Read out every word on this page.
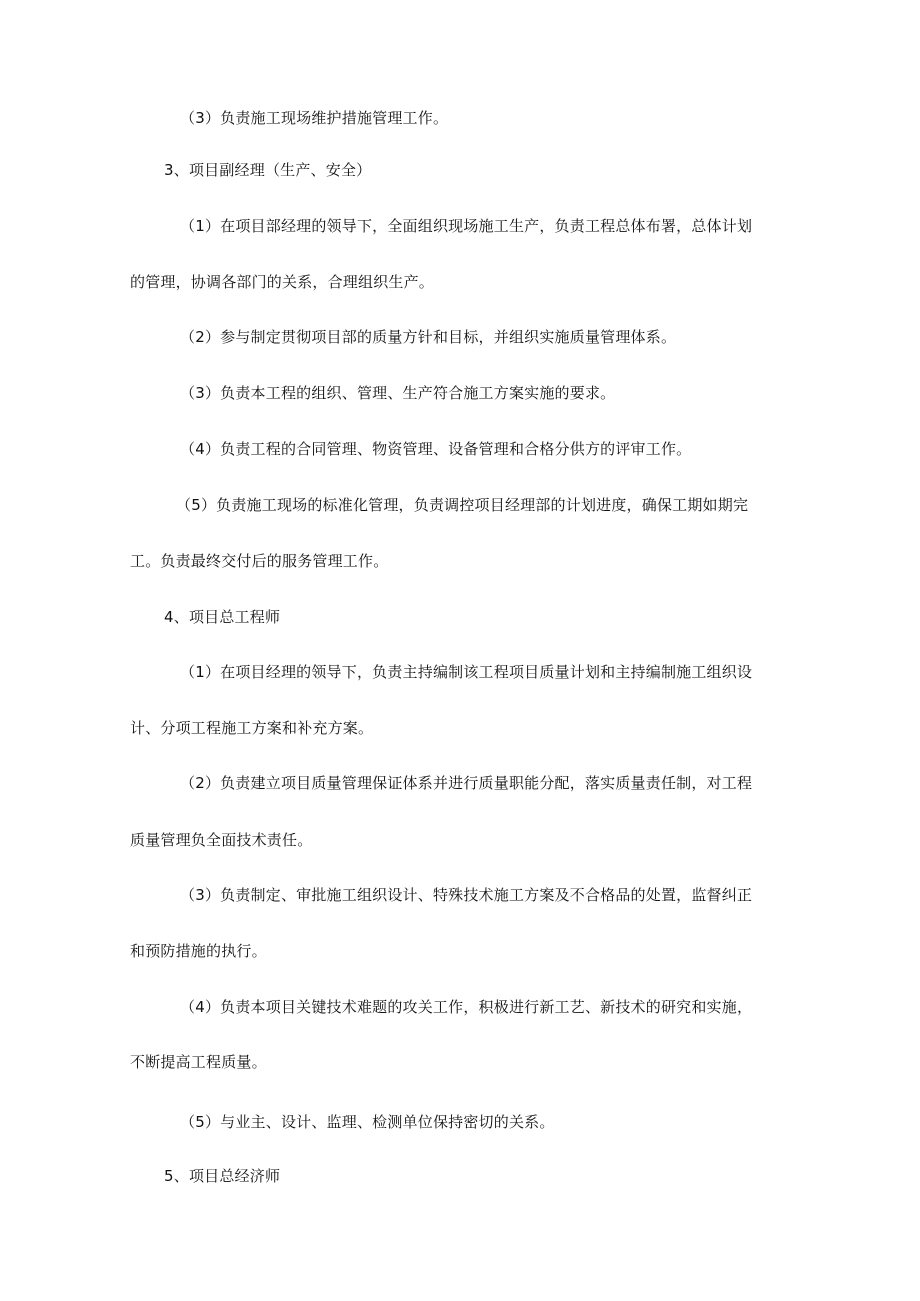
（3）负责施工现场维护措施管理工作。
3、项目副经理（生产、安全）
（1）在项目部经理的领导下，全面组织现场施工生产，负责工程总体布署，总体计划
的管理，协调各部门的关系，合理组织生产。
（2）参与制定贯彻项目部的质量方针和目标，并组织实施质量管理体系。
（3）负责本工程的组织、管理、生产符合施工方案实施的要求。
（4）负责工程的合同管理、物资管理、设备管理和合格分供方的评审工作。
（5）负责施工现场的标准化管理，负责调控项目经理部的计划进度，确保工期如期完
工。负责最终交付后的服务管理工作。
4、项目总工程师
（1）在项目经理的领导下，负责主持编制该工程项目质量计划和主持编制施工组织设
计、分项工程施工方案和补充方案。
（2）负责建立项目质量管理保证体系并进行质量职能分配，落实质量责任制，对工程
质量管理负全面技术责任。
（3）负责制定、审批施工组织设计、特殊技术施工方案及不合格品的处置，监督纠正
和预防措施的执行。
（4）负责本项目关键技术难题的攻关工作，积极进行新工艺、新技术的研究和实施，
不断提高工程质量。
（5）与业主、设计、监理、检测单位保持密切的关系。
5、项目总经济师
